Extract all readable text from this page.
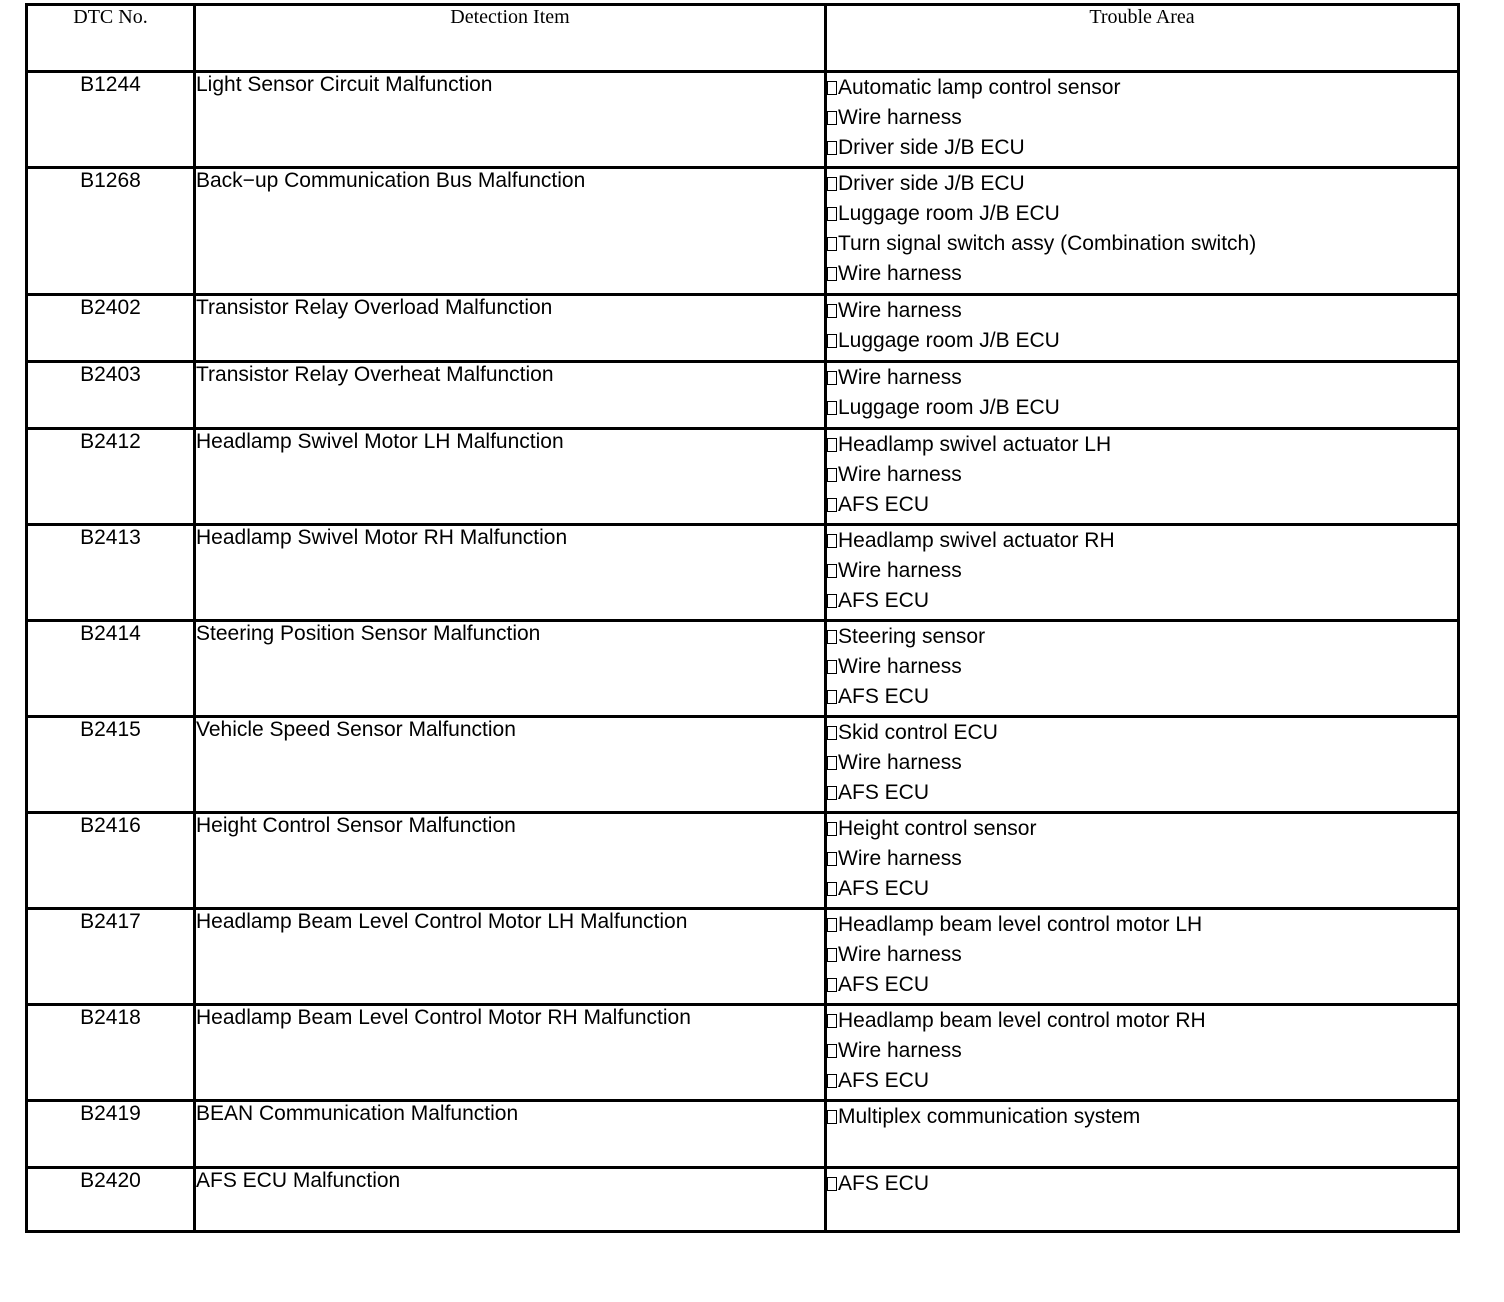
DTC No.	Detection Item	Trouble Area
B1244	Light Sensor Circuit Malfunction	Automatic lamp control sensor
Wire harness
Driver side J/B ECU

B1268	Back−up Communication Bus Malfunction	Driver side J/B ECU
Luggage room J/B ECU
Turn signal switch assy (Combination switch)
Wire harness

B2402	Transistor Relay Overload Malfunction	Wire harness
Luggage room J/B ECU

B2403	Transistor Relay Overheat Malfunction	Wire harness
Luggage room J/B ECU

B2412	Headlamp Swivel Motor LH Malfunction	Headlamp swivel actuator LH
Wire harness
AFS ECU

B2413	Headlamp Swivel Motor RH Malfunction	Headlamp swivel actuator RH
Wire harness
AFS ECU

B2414	Steering Position Sensor Malfunction	Steering sensor
Wire harness
AFS ECU

B2415	Vehicle Speed Sensor Malfunction	Skid control ECU
Wire harness
AFS ECU

B2416	Height Control Sensor Malfunction	Height control sensor
Wire harness
AFS ECU

B2417	Headlamp Beam Level Control Motor LH Malfunction	Headlamp beam level control motor LH
Wire harness
AFS ECU

B2418	Headlamp Beam Level Control Motor RH Malfunction	Headlamp beam level control motor RH
Wire harness
AFS ECU

B2419	BEAN Communication Malfunction	Multiplex communication system

B2420	AFS ECU Malfunction	AFS ECU
